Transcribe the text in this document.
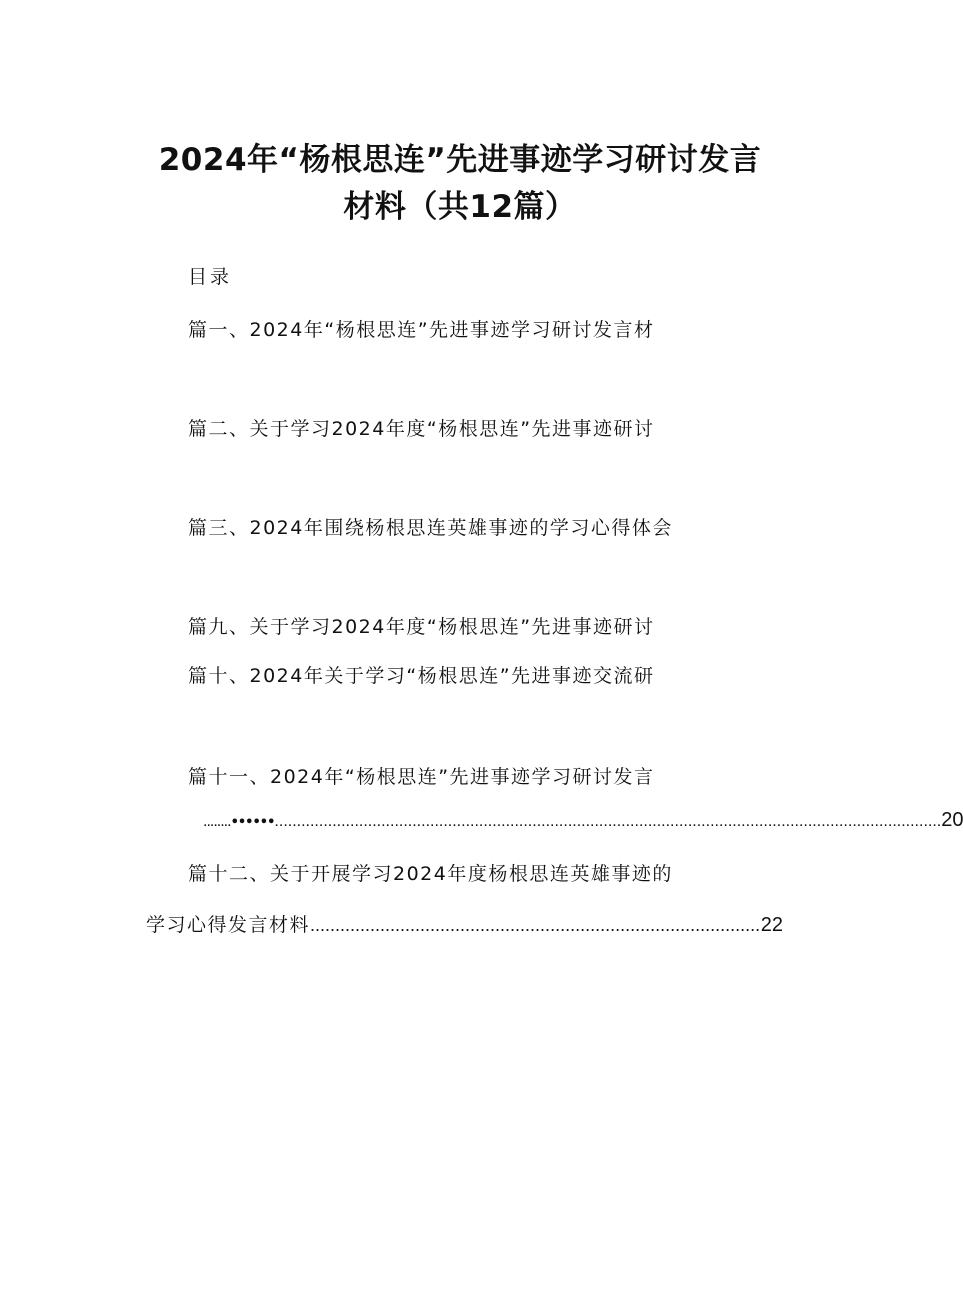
2024年“杨根思连”先进事迹学习研讨发言
材料（共12篇）
目录
篇一、2024年“杨根思连”先进事迹学习研讨发言材
篇二、关于学习2024年度“杨根思连”先进事迹研讨
篇三、2024年围绕杨根思连英雄事迹的学习心得体会
篇九、关于学习2024年度“杨根思连”先进事迹研讨
篇十、2024年关于学习“杨根思连”先进事迹交流研
篇十一、2024年“杨根思连”先进事迹学习研讨发言
........ •••••• ...................................................................................................................................................... 20
篇十二、关于开展学习2024年度杨根思连英雄事迹的
学习心得发言材料 .......................................................................................... 22
